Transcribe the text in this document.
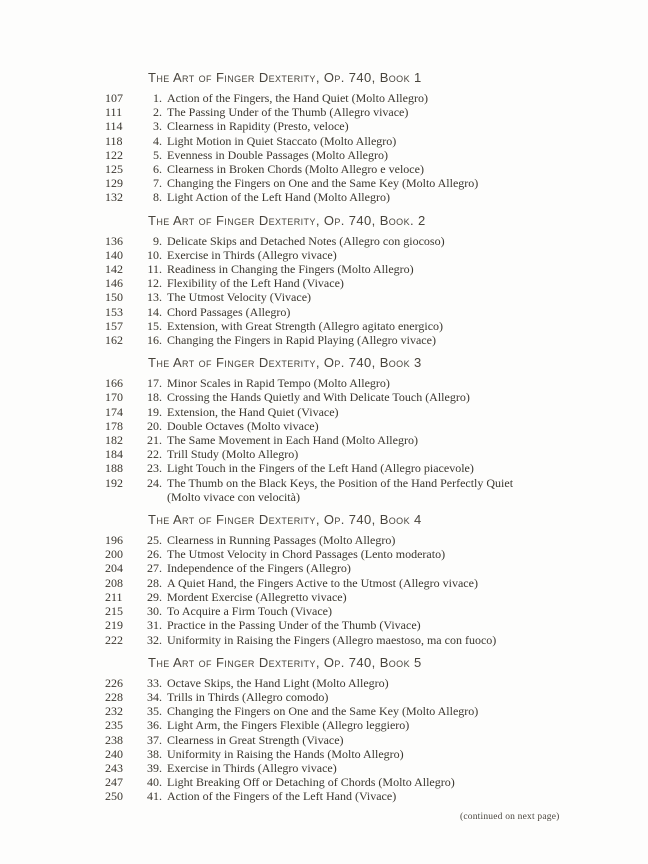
The Art of Finger Dexterity, Op. 740, Book 1
107	1. Action of the Fingers, the Hand Quiet (Molto Allegro)
111	2. The Passing Under of the Thumb (Allegro vivace)
114	3. Clearness in Rapidity (Presto, veloce)
118	4. Light Motion in Quiet Staccato (Molto Allegro)
122	5. Evenness in Double Passages (Molto Allegro)
125	6. Clearness in Broken Chords (Molto Allegro e veloce)
129	7. Changing the Fingers on One and the Same Key (Molto Allegro)
132	8. Light Action of the Left Hand (Molto Allegro)
The Art of Finger Dexterity, Op. 740, Book. 2
136	9. Delicate Skips and Detached Notes (Allegro con giocoso)
140	10. Exercise in Thirds (Allegro vivace)
142	11. Readiness in Changing the Fingers (Molto Allegro)
146	12. Flexibility of the Left Hand (Vivace)
150	13. The Utmost Velocity (Vivace)
153	14. Chord Passages (Allegro)
157	15. Extension, with Great Strength (Allegro agitato energico)
162	16. Changing the Fingers in Rapid Playing (Allegro vivace)
The Art of Finger Dexterity, Op. 740, Book 3
166	17. Minor Scales in Rapid Tempo (Molto Allegro)
170	18. Crossing the Hands Quietly and With Delicate Touch (Allegro)
174	19. Extension, the Hand Quiet (Vivace)
178	20. Double Octaves (Molto vivace)
182	21. The Same Movement in Each Hand (Molto Allegro)
184	22. Trill Study (Molto Allegro)
188	23. Light Touch in the Fingers of the Left Hand (Allegro piacevole)
192	24. The Thumb on the Black Keys, the Position of the Hand Perfectly Quiet
(Molto vivace con velocità)
The Art of Finger Dexterity, Op. 740, Book 4
196	25. Clearness in Running Passages (Molto Allegro)
200	26. The Utmost Velocity in Chord Passages (Lento moderato)
204	27. Independence of the Fingers (Allegro)
208	28. A Quiet Hand, the Fingers Active to the Utmost (Allegro vivace)
211	29. Mordent Exercise (Allegretto vivace)
215	30. To Acquire a Firm Touch (Vivace)
219	31. Practice in the Passing Under of the Thumb (Vivace)
222	32. Uniformity in Raising the Fingers (Allegro maestoso, ma con fuoco)
The Art of Finger Dexterity, Op. 740, Book 5
226	33. Octave Skips, the Hand Light (Molto Allegro)
228	34. Trills in Thirds (Allegro comodo)
232	35. Changing the Fingers on One and the Same Key (Molto Allegro)
235	36. Light Arm, the Fingers Flexible (Allegro leggiero)
238	37. Clearness in Great Strength (Vivace)
240	38. Uniformity in Raising the Hands (Molto Allegro)
243	39. Exercise in Thirds (Allegro vivace)
247	40. Light Breaking Off or Detaching of Chords (Molto Allegro)
250	41. Action of the Fingers of the Left Hand (Vivace)
(continued on next page)
